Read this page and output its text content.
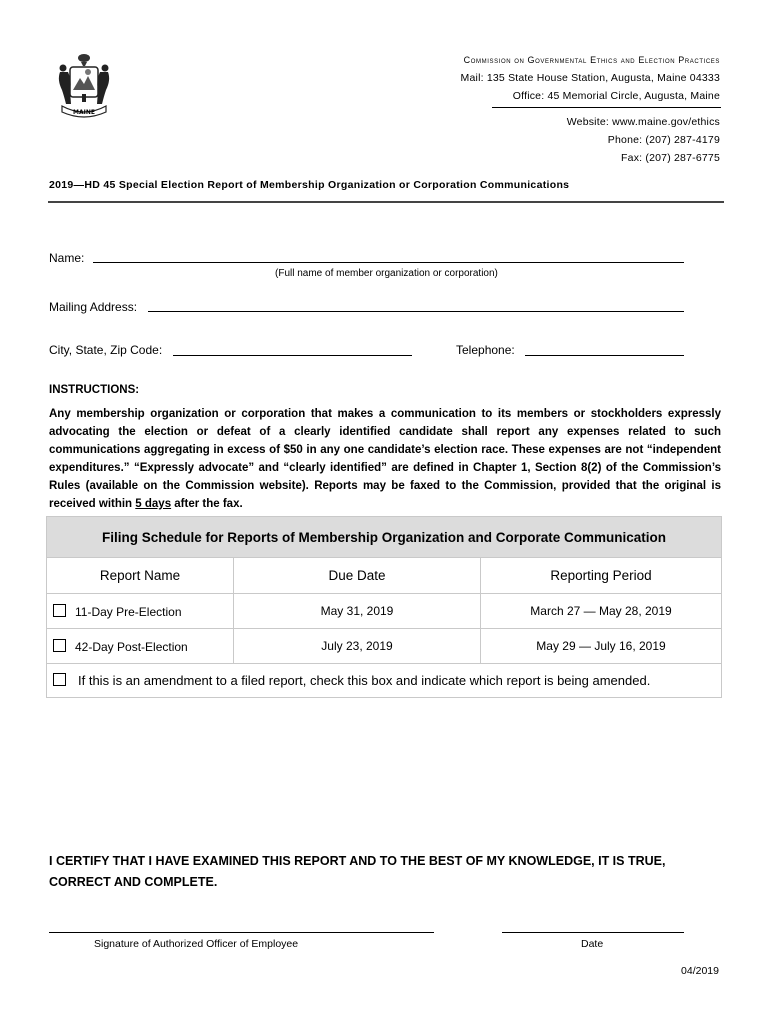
MAINE
Commission on Governmental Ethics and Election Practices
Mail: 135 State House Station, Augusta, Maine 04333
Office: 45 Memorial Circle, Augusta, Maine
Website: www.maine.gov/ethics
Phone: (207) 287-4179
Fax: (207) 287-6775
2019—HD 45 Special Election Report of Membership Organization or Corporation Communications
Name:
(Full name of member organization or corporation)
Mailing Address:
City, State, Zip Code:	Telephone:
INSTRUCTIONS:
Any membership organization or corporation that makes a communication to its members or stockholders expressly advocating the election or defeat of a clearly identified candidate shall report any expenses related to such communications aggregating in excess of $50 in any one candidate’s election race. These expenses are not “independent expenditures.” “Expressly advocate” and “clearly identified” are defined in Chapter 1, Section 8(2) of the Commission’s Rules (available on the Commission website). Reports may be faxed to the Commission, provided that the original is received within 5 days after the fax.
Filing Schedule for Reports of Membership Organization and Corporate Communication		
Report Name	Due Date	Reporting Period
11-Day Pre-Election	May 31, 2019	March 27 — May 28, 2019
42-Day Post-Election	July 23, 2019	May 29 — July 16, 2019
If this is an amendment to a filed report, check this box and indicate which report is being amended.		
I CERTIFY THAT I HAVE EXAMINED THIS REPORT AND TO THE BEST OF MY KNOWLEDGE, IT IS TRUE, CORRECT AND COMPLETE.
Signature of Authorized Officer of Employee	Date
04/2019
